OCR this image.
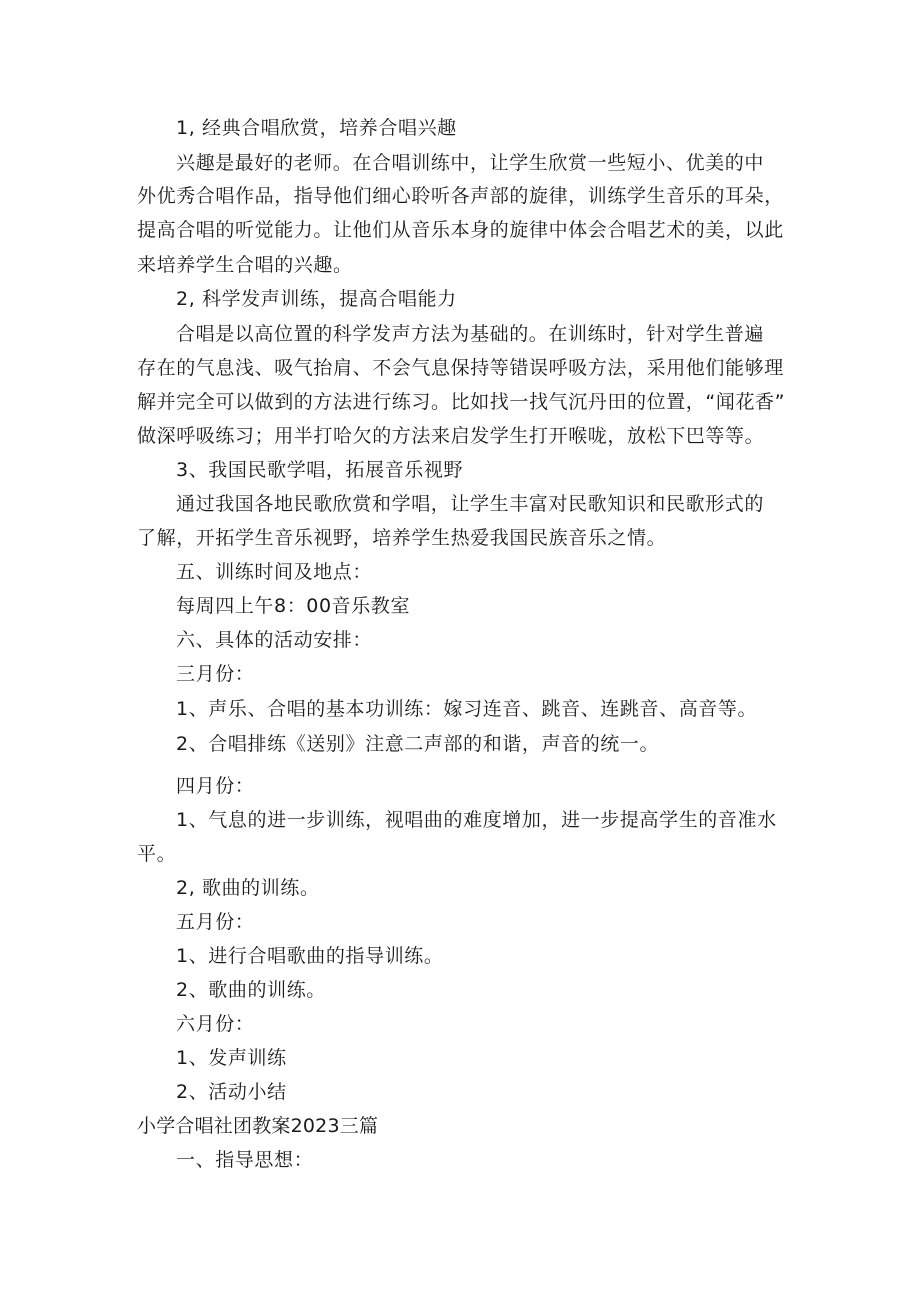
1, 经典合唱欣赏，培养合唱兴趣
兴趣是最好的老师。在合唱训练中，让学生欣赏一些短小、优美的中
外优秀合唱作品，指导他们细心聆听各声部的旋律，训练学生音乐的耳朵，
提高合唱的听觉能力。让他们从音乐本身的旋律中体会合唱艺术的美，以此
来培养学生合唱的兴趣。
2, 科学发声训练，提高合唱能力
合唱是以高位置的科学发声方法为基础的。在训练时，针对学生普遍
存在的气息浅、吸气抬肩、不会气息保持等错误呼吸方法，采用他们能够理
解并完全可以做到的方法进行练习。比如找一找气沉丹田的位置，“闻花香”
做深呼吸练习；用半打哈欠的方法来启发学生打开喉咙，放松下巴等等。
3、我国民歌学唱，拓展音乐视野
通过我国各地民歌欣赏和学唱，让学生丰富对民歌知识和民歌形式的
了解，开拓学生音乐视野，培养学生热爱我国民族音乐之情。
五、训练时间及地点：
每周四上午8：00音乐教室
六、具体的活动安排：
三月份：
1、声乐、合唱的基本功训练：嫁习连音、跳音、连跳音、高音等。
2、合唱排练《送别》注意二声部的和谐，声音的统一。
四月份：
1、气息的进一步训练，视唱曲的难度增加，进一步提高学生的音准水
平。
2, 歌曲的训练。
五月份：
1、进行合唱歌曲的指导训练。
2、歌曲的训练。
六月份：
1、发声训练
2、活动小结
小学合唱社团教案2023三篇
一、指导思想：
